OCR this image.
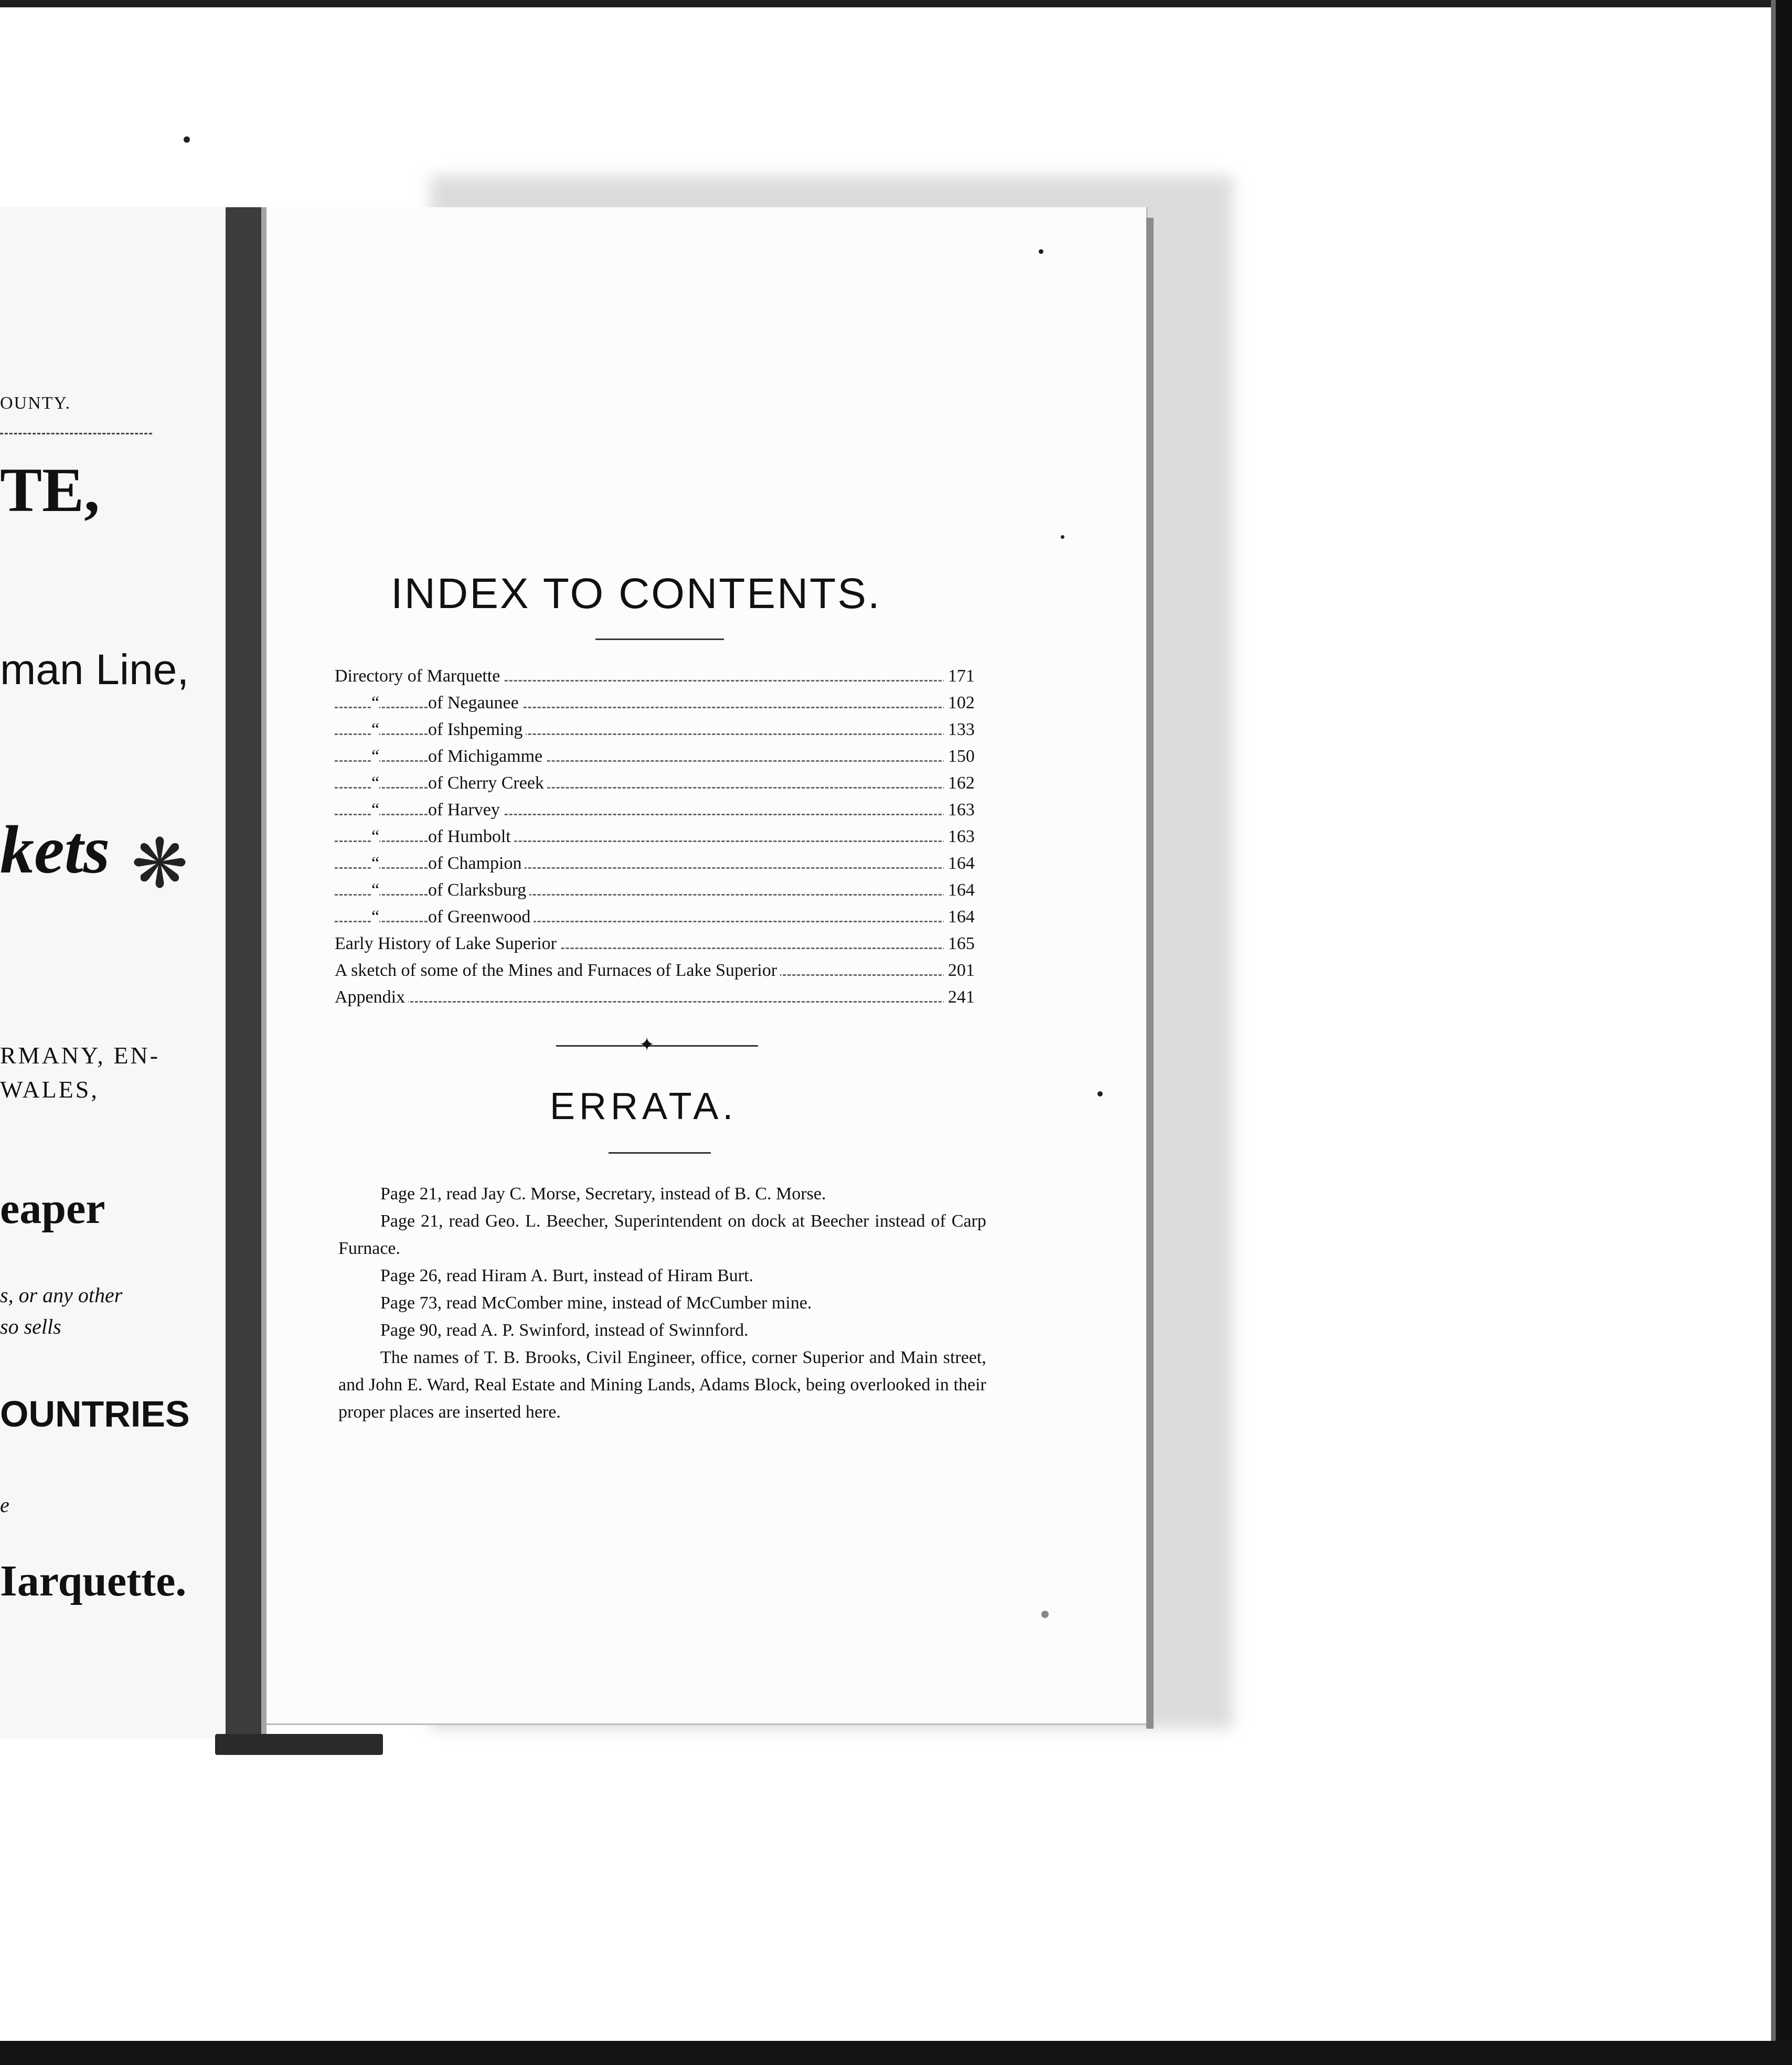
OUNTY.
TE,
man Line,
kets ❋
RMANY, EN-
WALES,
eaper
s, or any other
so sells
OUNTRIES
e
Iarquette.
INDEX TO CONTENTS.
Directory of Marquette	171
“	of Negaunee	102
“	of Ishpeming	133
“	of Michigamme	150
“	of Cherry Creek	162
“	of Harvey	163
“	of Humbolt	163
“	of Champion	164
“	of Clarksburg	164
“	of Greenwood	164
Early History of Lake Superior	165
A sketch of some of the Mines and Furnaces of Lake Superior	201
Appendix	241
✦
ERRATA.

Page 21, read Jay C. Morse, Secretary, instead of B. C. Morse.

Page 21, read Geo. L. Beecher, Superintendent on dock at Beecher instead of Carp Furnace.

Page 26, read Hiram A. Burt, instead of Hiram Burt.

Page 73, read McComber mine, instead of McCumber mine.

Page 90, read A. P. Swinford, instead of Swinnford.

The names of T. B. Brooks, Civil Engineer, office, corner Superior and Main street, and John E. Ward, Real Estate and Mining Lands, Adams Block, being overlooked in their proper places are inserted here.
